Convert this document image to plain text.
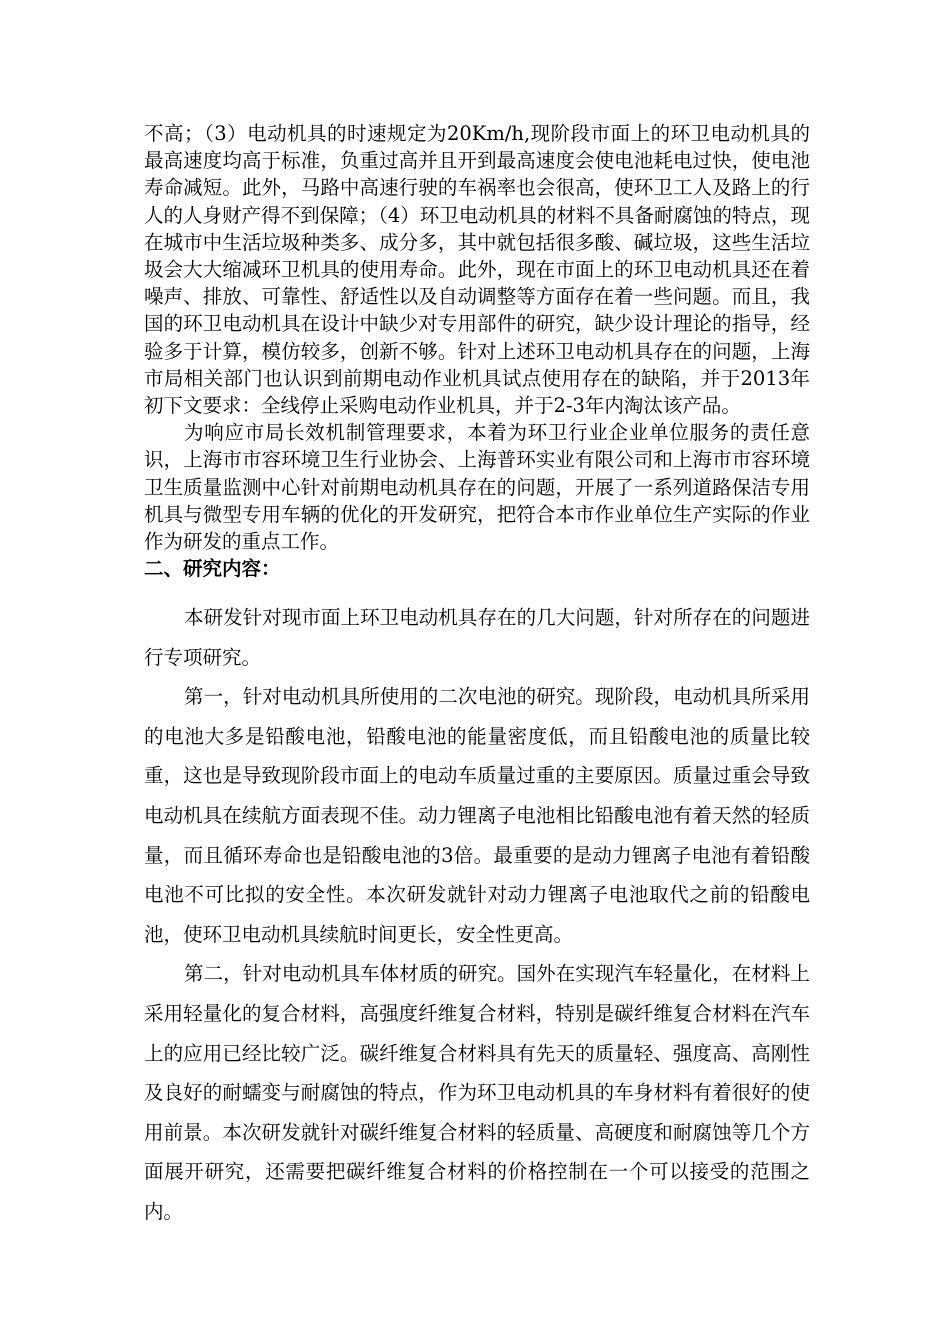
不高；（3）电动机具的时速规定为20Km/h,现阶段市面上的环卫电动机具的最高速度均高于标准，负重过高并且开到最高速度会使电池耗电过快，使电池寿命减短。此外，马路中高速行驶的车祸率也会很高，使环卫工人及路上的行人的人身财产得不到保障；（4）环卫电动机具的材料不具备耐腐蚀的特点，现在城市中生活垃圾种类多、成分多，其中就包括很多酸、碱垃圾，这些生活垃圾会大大缩减环卫机具的使用寿命。此外，现在市面上的环卫电动机具还在着噪声、排放、可靠性、舒适性以及自动调整等方面存在着一些问题。而且，我国的环卫电动机具在设计中缺少对专用部件的研究，缺少设计理论的指导，经验多于计算，模仿较多，创新不够。针对上述环卫电动机具存在的问题，上海市局相关部门也认识到前期电动作业机具试点使用存在的缺陷，并于2013年初下文要求：全线停止采购电动作业机具，并于2-3年内淘汰该产品。

为响应市局长效机制管理要求，本着为环卫行业企业单位服务的责任意识，上海市市容环境卫生行业协会、上海普环实业有限公司和上海市市容环境卫生质量监测中心针对前期电动机具存在的问题，开展了一系列道路保洁专用机具与微型专用车辆的优化的开发研究，把符合本市作业单位生产实际的作业作为研发的重点工作。

二、研究内容：

本研发针对现市面上环卫电动机具存在的几大问题，针对所存在的问题进行专项研究。

第一，针对电动机具所使用的二次电池的研究。现阶段，电动机具所采用的电池大多是铅酸电池，铅酸电池的能量密度低，而且铅酸电池的质量比较重，这也是导致现阶段市面上的电动车质量过重的主要原因。质量过重会导致电动机具在续航方面表现不佳。动力锂离子电池相比铅酸电池有着天然的轻质量，而且循环寿命也是铅酸电池的3倍。最重要的是动力锂离子电池有着铅酸电池不可比拟的安全性。本次研发就针对动力锂离子电池取代之前的铅酸电池，使环卫电动机具续航时间更长，安全性更高。

第二，针对电动机具车体材质的研究。国外在实现汽车轻量化，在材料上采用轻量化的复合材料，高强度纤维复合材料，特别是碳纤维复合材料在汽车上的应用已经比较广泛。碳纤维复合材料具有先天的质量轻、强度高、高刚性及良好的耐蠕变与耐腐蚀的特点，作为环卫电动机具的车身材料有着很好的使用前景。本次研发就针对碳纤维复合材料的轻质量、高硬度和耐腐蚀等几个方面展开研究，还需要把碳纤维复合材料的价格控制在一个可以接受的范围之内。
